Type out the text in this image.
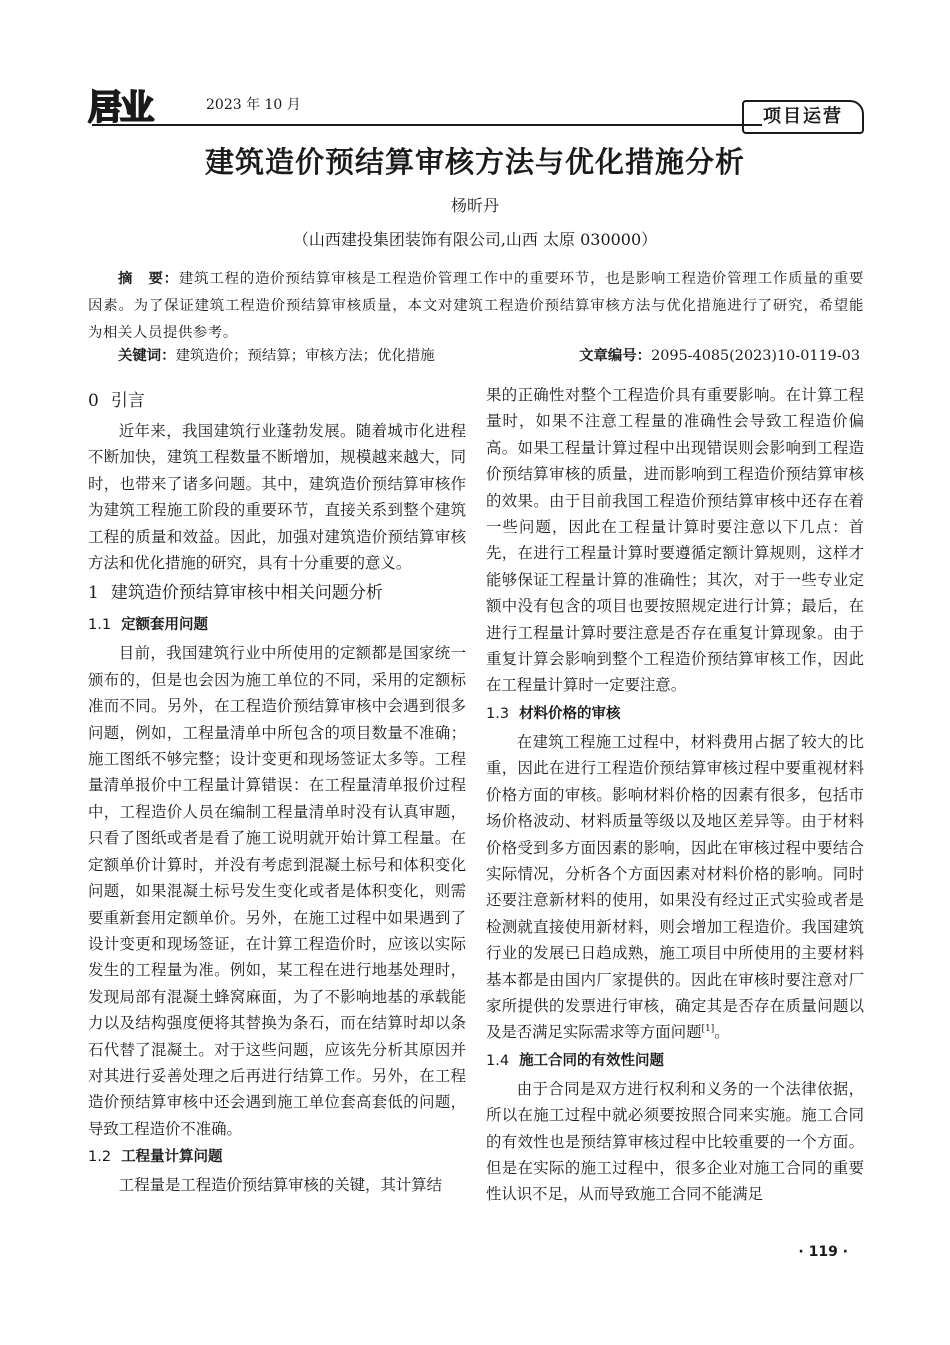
居业	2023 年 10 月
项目运营
建筑造价预结算审核方法与优化措施分析
杨昕丹
（山西建投集团装饰有限公司,山西 太原 030000）
摘　要：建筑工程的造价预结算审核是工程造价管理工作中的重要环节，也是影响工程造价管理工作质量的重要因素。为了保证建筑工程造价预结算审核质量，本文对建筑工程造价预结算审核方法与优化措施进行了研究，希望能为相关人员提供参考。
关键词：建筑造价；预结算；审核方法；优化措施	文章编号：2095-4085(2023)10-0119-03
0 引言

近年来，我国建筑行业蓬勃发展。随着城市化进程不断加快，建筑工程数量不断增加，规模越来越大，同时，也带来了诸多问题。其中，建筑造价预结算审核作为建筑工程施工阶段的重要环节，直接关系到整个建筑工程的质量和效益。因此，加强对建筑造价预结算审核方法和优化措施的研究，具有十分重要的意义。

1 建筑造价预结算审核中相关问题分析
1.1 定额套用问题

目前，我国建筑行业中所使用的定额都是国家统一颁布的，但是也会因为施工单位的不同，采用的定额标准而不同。另外，在工程造价预结算审核中会遇到很多问题，例如，工程量清单中所包含的项目数量不准确；施工图纸不够完整；设计变更和现场签证太多等。工程量清单报价中工程量计算错误：在工程量清单报价过程中，工程造价人员在编制工程量清单时没有认真审题，只看了图纸或者是看了施工说明就开始计算工程量。在定额单价计算时，并没有考虑到混凝土标号和体积变化问题，如果混凝土标号发生变化或者是体积变化，则需要重新套用定额单价。另外，在施工过程中如果遇到了设计变更和现场签证，在计算工程造价时，应该以实际发生的工程量为准。例如，某工程在进行地基处理时，发现局部有混凝土蜂窝麻面，为了不影响地基的承载能力以及结构强度便将其替换为条石，而在结算时却以条石代替了混凝土。对于这些问题，应该先分析其原因并对其进行妥善处理之后再进行结算工作。另外，在工程造价预结算审核中还会遇到施工单位套高套低的问题，导致工程造价不准确。

1.2 工程量计算问题

工程量是工程造价预结算审核的关键，其计算结

果的正确性对整个工程造价具有重要影响。在计算工程量时，如果不注意工程量的准确性会导致工程造价偏高。如果工程量计算过程中出现错误则会影响到工程造价预结算审核的质量，进而影响到工程造价预结算审核的效果。由于目前我国工程造价预结算审核中还存在着一些问题，因此在工程量计算时要注意以下几点：首先，在进行工程量计算时要遵循定额计算规则，这样才能够保证工程量计算的准确性；其次，对于一些专业定额中没有包含的项目也要按照规定进行计算；最后，在进行工程量计算时要注意是否存在重复计算现象。由于重复计算会影响到整个工程造价预结算审核工作，因此在工程量计算时一定要注意。

1.3 材料价格的审核

在建筑工程施工过程中，材料费用占据了较大的比重，因此在进行工程造价预结算审核过程中要重视材料价格方面的审核。影响材料价格的因素有很多，包括市场价格波动、材料质量等级以及地区差异等。由于材料价格受到多方面因素的影响，因此在审核过程中要结合实际情况，分析各个方面因素对材料价格的影响。同时还要注意新材料的使用，如果没有经过正式实验或者是检测就直接使用新材料，则会增加工程造价。我国建筑行业的发展已日趋成熟，施工项目中所使用的主要材料基本都是由国内厂家提供的。因此在审核时要注意对厂家所提供的发票进行审核，确定其是否存在质量问题以及是否满足实际需求等方面问题[1]。

1.4 施工合同的有效性问题

由于合同是双方进行权利和义务的一个法律依据，所以在施工过程中就必须要按照合同来实施。施工合同的有效性也是预结算审核过程中比较重要的一个方面。但是在实际的施工过程中，很多企业对施工合同的重要性认识不足，从而导致施工合同不能满足

· 119 ·
